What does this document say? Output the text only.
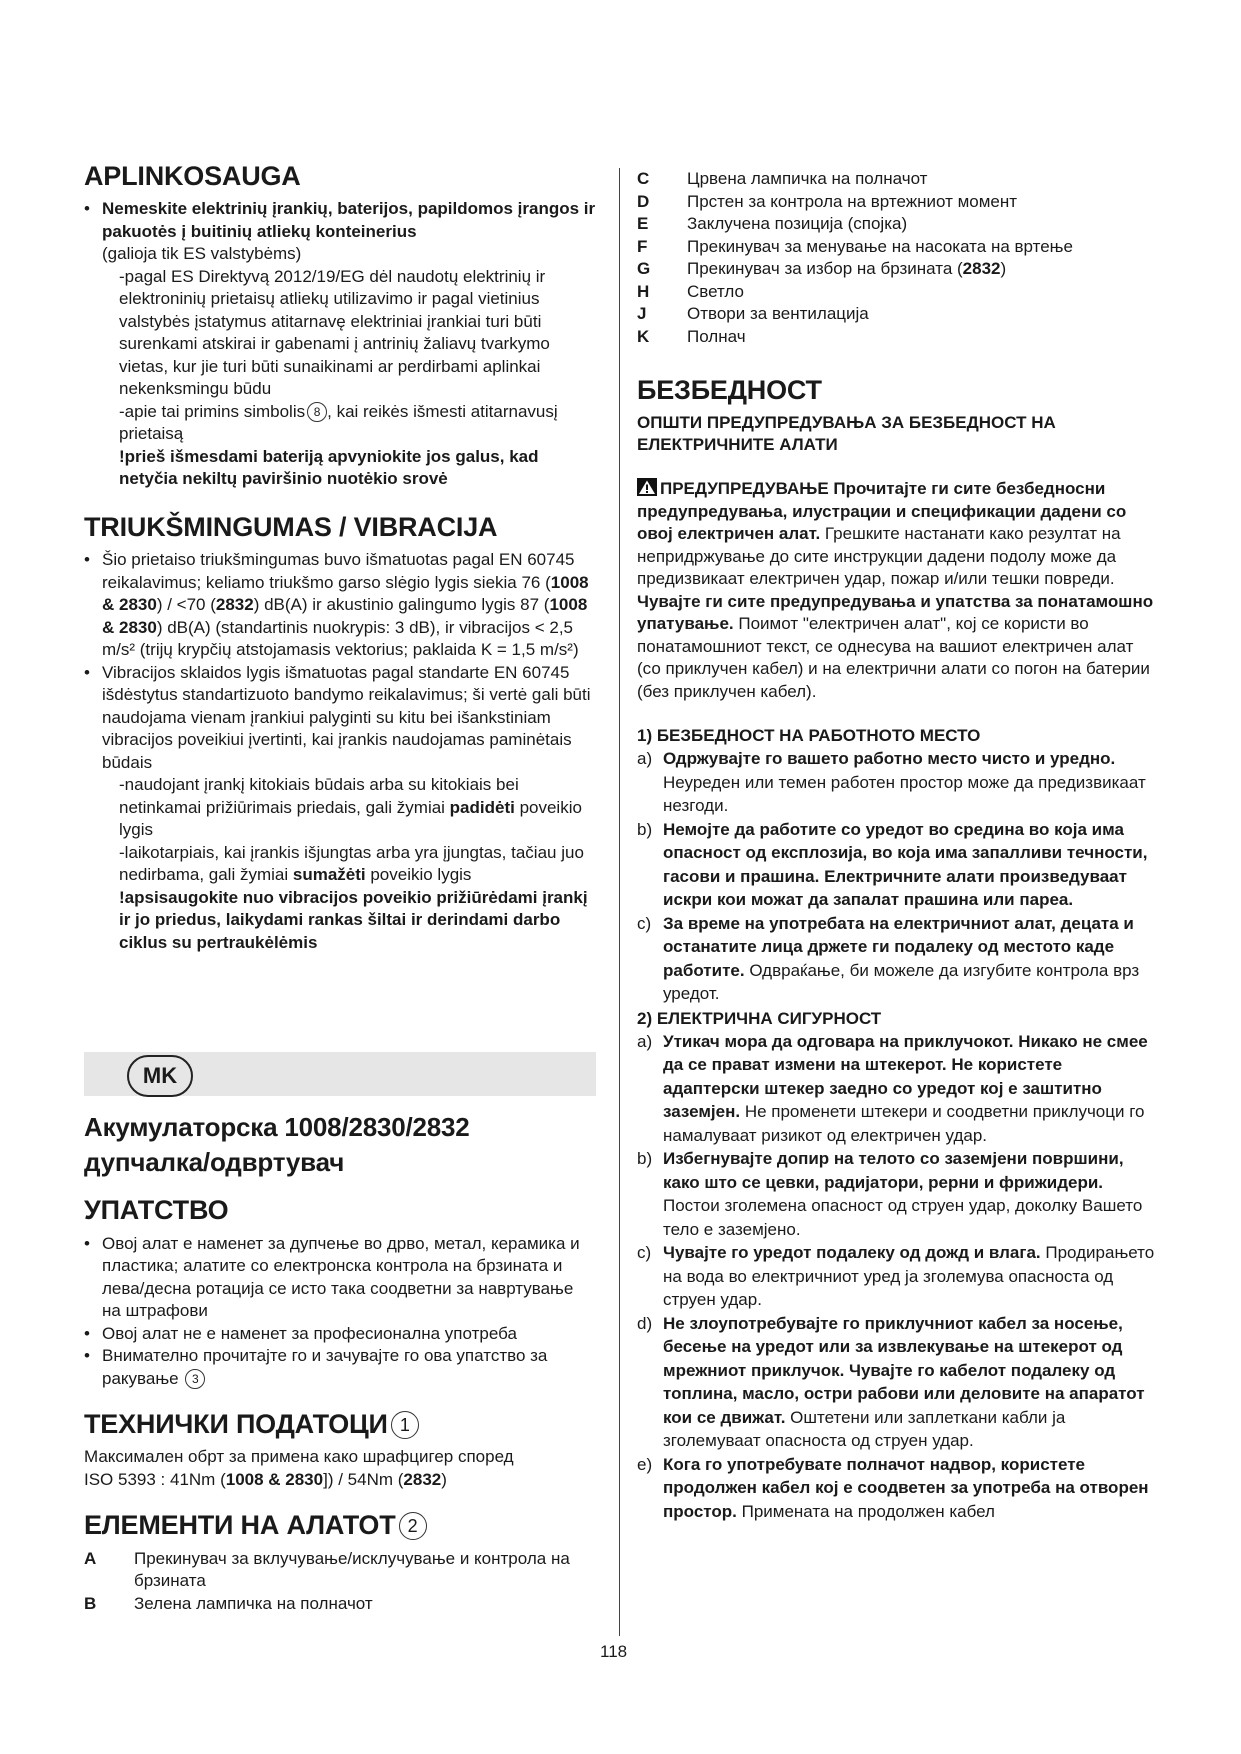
APLINKOSAUGA
• Nemeskite elektrinių įrankių, baterijos, papildomos įrangos ir pakuotės į buitinių atliekų konteinerius
(galioja tik ES valstybėms)

-pagal ES Direktyvą 2012/19/EG dėl naudotų elektrinių ir elektroninių prietaisų atliekų utilizavimo ir pagal vietinius valstybės įstatymus atitarnavę elektriniai įrankiai turi būti surenkami atskirai ir gabenami į antrinių žaliavų tvarkymo vietas, kur jie turi būti sunaikinami ar perdirbami aplinkai nekenksmingu būdu

-apie tai primins simbolis 8 , kai reikės išmesti atitarnavusį prietaisą

!prieš išmesdami bateriją apvyniokite jos galus, kad netyčia nekiltų paviršinio nuotėkio srovė

TRIUKŠMINGUMAS / VIBRACIJA
• Šio prietaiso triukšmingumas buvo išmatuotas pagal EN 60745 reikalavimus; keliamo triukšmo garso slėgio lygis siekia 76 (1008 & 2830) / <70 (2832) dB(A) ir akustinio galingumo lygis 87 (1008 & 2830) dB(A) (standartinis nuokrypis: 3 dB), ir vibracijos < 2,5 m/s² (trijų krypčių atstojamasis vektorius; paklaida K = 1,5 m/s²)
• Vibracijos sklaidos lygis išmatuotas pagal standarte EN 60745 išdėstytus standartizuoto bandymo reikalavimus; ši vertė gali būti naudojama vienam įrankiui palyginti su kitu bei išankstiniam vibracijos poveikiui įvertinti, kai įrankis naudojamas paminėtais būdais

-naudojant įrankį kitokiais būdais arba su kitokiais bei netinkamai prižiūrimais priedais, gali žymiai padidėti poveikio lygis

-laikotarpiais, kai įrankis išjungtas arba yra įjungtas, tačiau juo nedirbama, gali žymiai sumažėti poveikio lygis

!apsisaugokite nuo vibracijos poveikio prižiūrėdami įrankį ir jo priedus, laikydami rankas šiltai ir derindami darbo ciklus su pertraukėlėmis

MK
Акумулаторска 1008/2830/2832
дупчалка/одвртувач
УПАТСТВО
• Овој алат е наменет за дупчење во дрво, метал, керамика и пластика; алатите со електронска контрола на брзината и лева/десна ротација се исто така соодветни за навртување на штрафови
• Овој алат не е наменет за професионална употреба
• Внимателно прочитајте го и зачувајте го ова упатство за ракување 3
ТЕХНИЧКИ ПОДАТОЦИ 1

Максимален обрт за примена како шрафцигер според

ISO 5393 : 41Nm (1008 & 2830]) / 54Nm (2832)

ЕЛЕМЕНТИ НА АЛАТОТ 2
A	Прекинувач за вклучување/исклучување и контрола на брзината
B	Зелена лампичка на полначот
C	Црвена лампичка на полначот
D	Прстен за контрола на вртежниот момент
E	Заклучена позиција (спојка)
F	Прекинувач за менување на насоката на вртење
G	Прекинувач за избор на брзината (2832)
H	Светло
J	Отвори за вентилација
K	Полнач
БЕЗБЕДНОСТ
ОПШТИ ПРЕДУПРЕДУВАЊА ЗА БЕЗБЕДНОСТ НА ЕЛЕКТРИЧНИТЕ АЛАТИ

ПРЕДУПРЕДУВАЊЕ Прочитајте ги сите безбедносни предупредувања, илустрации и спецификации дадени со овој електричен алат. Грешките настанати како резултат на непридржување до сите инструкции дадени подолу може да предизвикаат електричен удар, пожар и/или тешки повреди. Чувајте ги сите предупредувања и упатства за понатамошно упатување. Поимот "електричен алат", кој се користи во понатамошниот текст, се однесува на вашиот електричен алат (со приклучен кабел) и на електрични алати со погон на батерии (без приклучен кабел).

1) БЕЗБЕДНОСТ НА РАБОТНОТО МЕСТО
a) Одржувајте го вашето работно место чисто и уредно. Неуреден или темен работен простор може да предизвикаат незгоди.
b) Немојте да работите со уредот во средина во која има опасност од експлозија, во која има запалливи течности, гасови и прашина. Електричните алати произведуваат искри кои можат да запалат прашина или пареа.
c) За време на употребата на електричниот алат, децата и останатите лица држете ги подалеку од местото каде работите. Одвраќање, би можеле да изгубите контрола врз уредот.
2) ЕЛЕКТРИЧНА СИГУРНОСТ
a) Утикач мора да одговара на приклучокот. Никако не смее да се прават измени на штекерот. Не користете адаптерски штекер заедно со уредот кој е заштитно заземјен. Не променети штекери и соодветни приклучоци го намалуваат ризикот од електричен удар.
b) Избегнувајте допир на телото со заземјени површини, како што се цевки, радијатори, рерни и фрижидери. Постои зголемена опасност од струен удар, доколку Вашето тело е заземјено.
c) Чувајте го уредот подалеку од дожд и влага. Продирањето на вода во електричниот уред ја зголемува опасноста од струен удар.
d) Не злоупотребувајте го приклучниот кабел за носење, бесење на уредот или за извлекување на штекерот од мрежниот приклучок. Чувајте го кабелот подалеку од топлина, масло, остри рабови или деловите на апаратот кои се движат. Оштетени или заплеткани кабли ја зголемуваат опасноста од струен удар.
e) Кога го употребувате полначот надвор, користете продолжен кабел кој е соодветен за употреба на отворен простор. Примената на продолжен кабел
118
